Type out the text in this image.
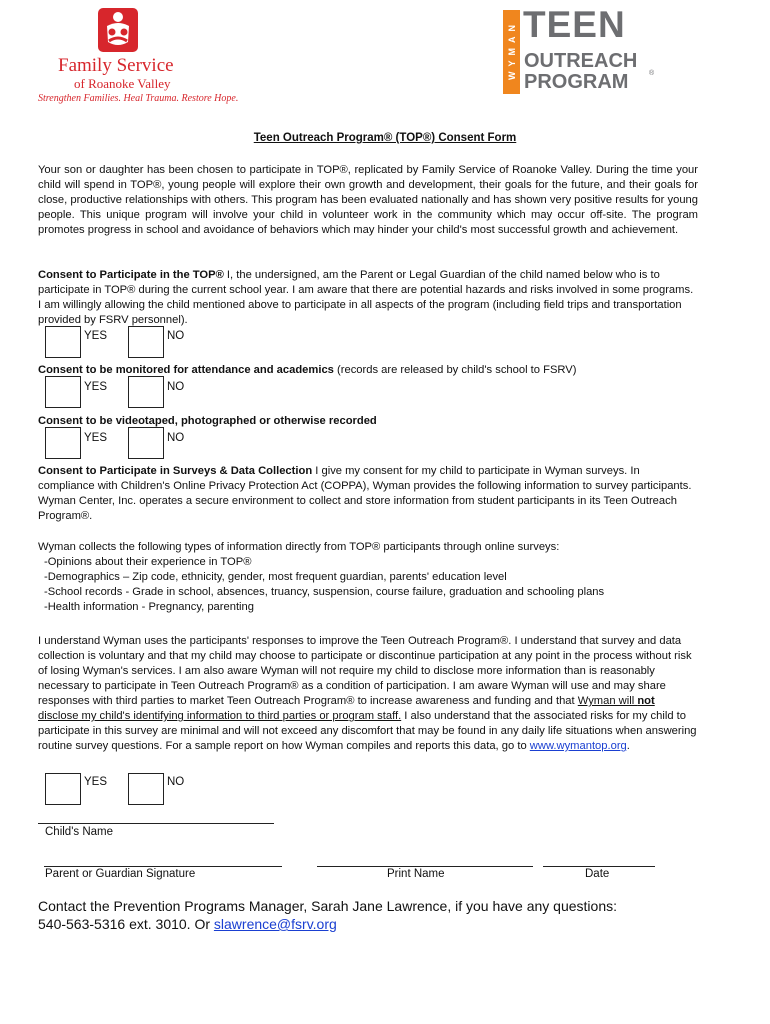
Family Service
of Roanoke Valley
Strengthen Families. Heal Trauma. Restore Hope.
WYMAN TEEN
OUTREACH
PROGRAM	®
Teen Outreach Program® (TOP®) Consent Form

Your son or daughter has been chosen to participate in TOP®, replicated by Family Service of Roanoke Valley. During the time your child will spend in TOP®, young people will explore their own growth and development, their goals for the future, and their goals for close, productive relationships with others. This program has been evaluated nationally and has shown very positive results for young people. This unique program will involve your child in volunteer work in the community which may occur off-site. The program promotes progress in school and avoidance of behaviors which may hinder your child's most successful growth and achievement.

Consent to Participate in the TOP® I, the undersigned, am the Parent or Legal Guardian of the child named below who is to participate in TOP® during the current school year. I am aware that there are potential hazards and risks involved in some programs. I am willingly allowing the child mentioned above to participate in all aspects of the program (including field trips and transportation provided by FSRV personnel).

YES	NO

Consent to be monitored for attendance and academics (records are released by child's school to FSRV)

YES	NO

Consent to be videotaped, photographed or otherwise recorded

YES	NO

Consent to Participate in Surveys & Data Collection I give my consent for my child to participate in Wyman surveys. In compliance with Children's Online Privacy Protection Act (COPPA), Wyman provides the following information to survey participants. Wyman Center, Inc. operates a secure environment to collect and store information from student participants in its Teen Outreach Program®.

Wyman collects the following types of information directly from TOP® participants through online surveys:

-Opinions about their experience in TOP®

-Demographics – Zip code, ethnicity, gender, most frequent guardian, parents' education level

-School records - Grade in school, absences, truancy, suspension, course failure, graduation and schooling plans

-Health information - Pregnancy, parenting

I understand Wyman uses the participants' responses to improve the Teen Outreach Program®. I understand that survey and data collection is voluntary and that my child may choose to participate or discontinue participation at any point in the process without risk of losing Wyman's services. I am also aware Wyman will not require my child to disclose more information than is reasonably necessary to participate in Teen Outreach Program® as a condition of participation. I am aware Wyman will use and may share responses with third parties to market Teen Outreach Program® to increase awareness and funding and that Wyman will not disclose my child's identifying information to third parties or program staff. I also understand that the associated risks for my child to participate in this survey are minimal and will not exceed any discomfort that may be found in any daily life situations when answering routine survey questions. For a sample report on how Wyman compiles and reports this data, go to www.wymantop.org.

YES	NO
Child's Name
Parent or Guardian Signature	Print Name	Date
Contact the Prevention Programs Manager, Sarah Jane Lawrence, if you have any questions:
540-563-5316 ext. 3010. Or slawrence@fsrv.org
